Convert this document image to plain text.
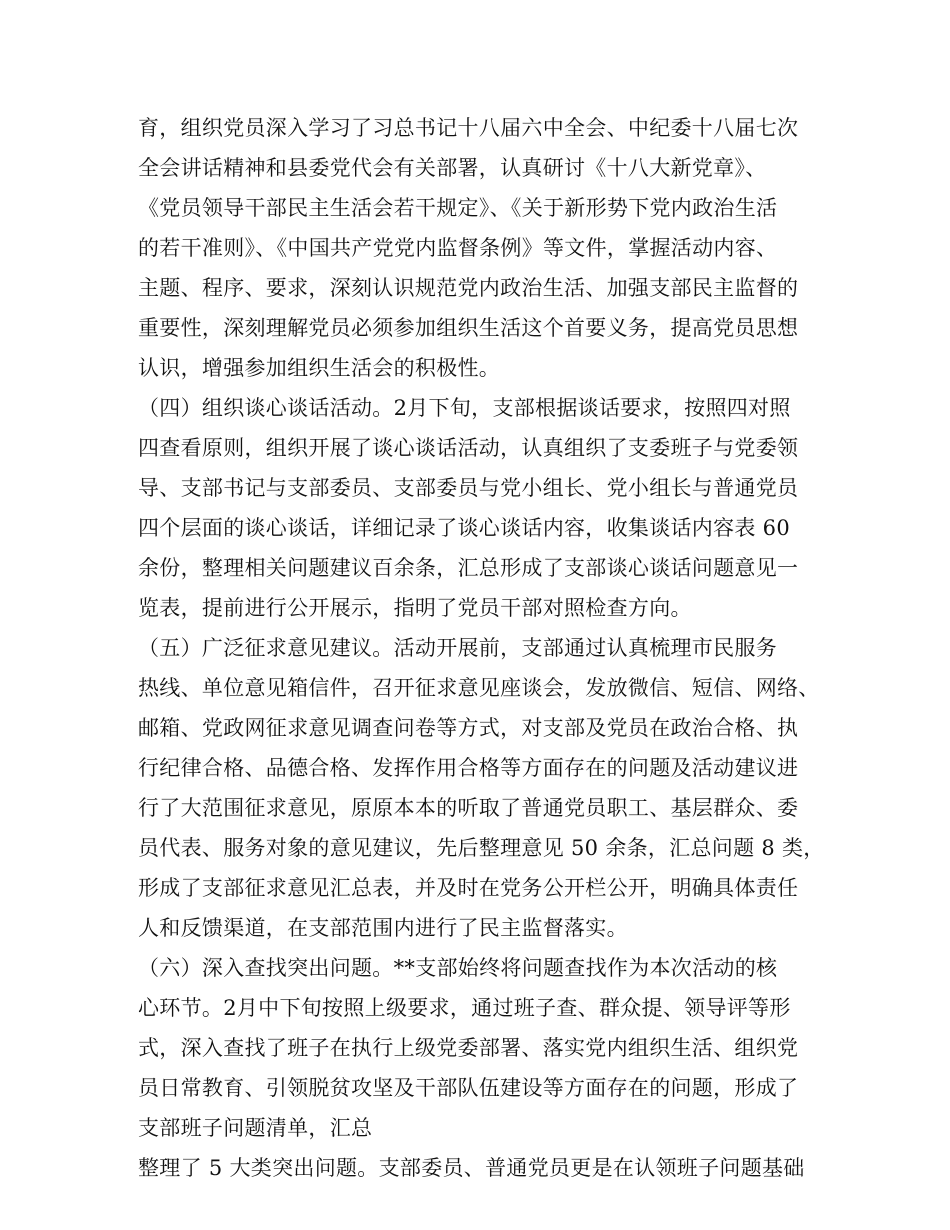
育，组织党员深入学习了习总书记十八届六中全会、中纪委十八届七次
全会讲话精神和县委党代会有关部署，认真研讨《十八大新党章》、
《党员领导干部民主生活会若干规定》、《关于新形势下党内政治生活
的若干准则》、《中国共产党党内监督条例》等文件，掌握活动内容、
主题、程序、要求，深刻认识规范党内政治生活、加强支部民主监督的
重要性，深刻理解党员必须参加组织生活这个首要义务，提高党员思想
认识，增强参加组织生活会的积极性。
（四）组织谈心谈话活动。2月下旬，支部根据谈话要求，按照四对照
四查看原则，组织开展了谈心谈话活动，认真组织了支委班子与党委领
导、支部书记与支部委员、支部委员与党小组长、党小组长与普通党员
四个层面的谈心谈话，详细记录了谈心谈话内容，收集谈话内容表 60
余份，整理相关问题建议百余条，汇总形成了支部谈心谈话问题意见一
览表，提前进行公开展示，指明了党员干部对照检查方向。
（五）广泛征求意见建议。活动开展前，支部通过认真梳理市民服务
热线、单位意见箱信件，召开征求意见座谈会，发放微信、短信、网络、
邮箱、党政网征求意见调查问卷等方式，对支部及党员在政治合格、执
行纪律合格、品德合格、发挥作用合格等方面存在的问题及活动建议进
行了大范围征求意见，原原本本的听取了普通党员职工、基层群众、委
员代表、服务对象的意见建议，先后整理意见 50 余条，汇总问题 8 类，
形成了支部征求意见汇总表，并及时在党务公开栏公开，明确具体责任
人和反馈渠道，在支部范围内进行了民主监督落实。
（六）深入查找突出问题。**支部始终将问题查找作为本次活动的核
心环节。2月中下旬按照上级要求，通过班子查、群众提、领导评等形
式，深入查找了班子在执行上级党委部署、落实党内组织生活、组织党
员日常教育、引领脱贫攻坚及干部队伍建设等方面存在的问题，形成了
支部班子问题清单，汇总
整理了 5 大类突出问题。支部委员、普通党员更是在认领班子问题基础
